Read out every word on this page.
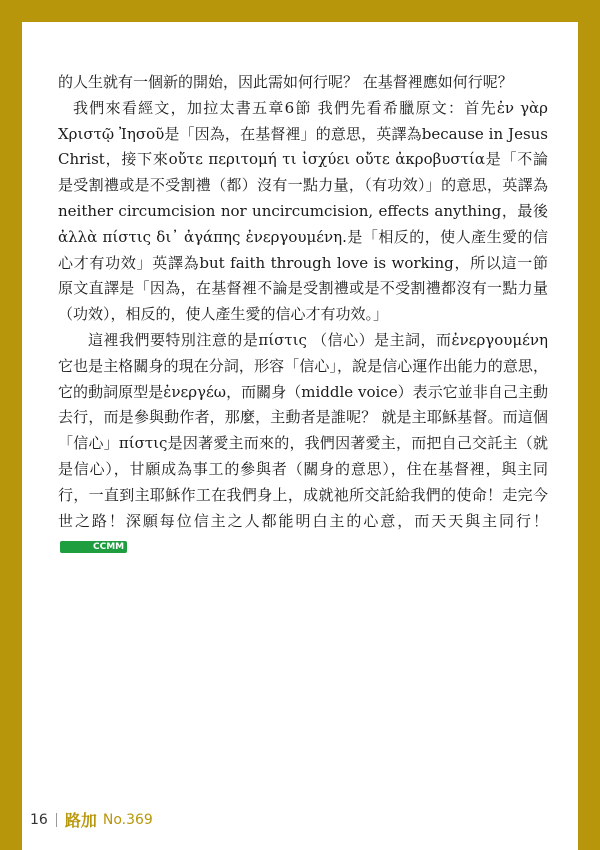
的人生就有一個新的開始，因此需如何行呢？ 在基督裡應如何行呢？

我們來看經文，加拉太書五章6節 我們先看希臘原文：首先ἐν γὰρ Χριστῷ Ἰησοῦ是「因為，在基督裡」的意思，英譯為because in Jesus Christ，接下來οὔτε περιτομή τι ἰσχύει οὔτε ἀκροβυστία是「不論是受割禮或是不受割禮（都）沒有一點力量，（有功效）」的意思，英譯為neither circumcision nor uncircumcision, effects anything，最後ἀλλὰ πίστις δι᾽ ἀγάπης ἐνεργουμένη.是「相反的，使人產生愛的信心才有功效」英譯為but faith through love is working，所以這一節原文直譯是「因為，在基督裡不論是受割禮或是不受割禮都沒有一點力量（功效），相反的，使人產生愛的信心才有功效。」

這裡我們要特別注意的是πίστις （信心）是主詞，而ἐνεργουμένη它也是主格關身的現在分詞，形容「信心」，說是信心運作出能力的意思，它的動詞原型是ἐνεργέω，而關身（middle voice）表示它並非自己主動去行，而是參與動作者，那麼，主動者是誰呢？ 就是主耶穌基督。而這個「信心」πίστις是因著愛主而來的，我們因著愛主，而把自己交託主（就是信心），甘願成為事工的參與者（關身的意思），住在基督裡，與主同行，一直到主耶穌作工在我們身上，成就祂所交託給我們的使命！走完今世之路！深願每位信主之人都能明白主的心意，而天天與主同行！CCMM

16 路加 No.369
